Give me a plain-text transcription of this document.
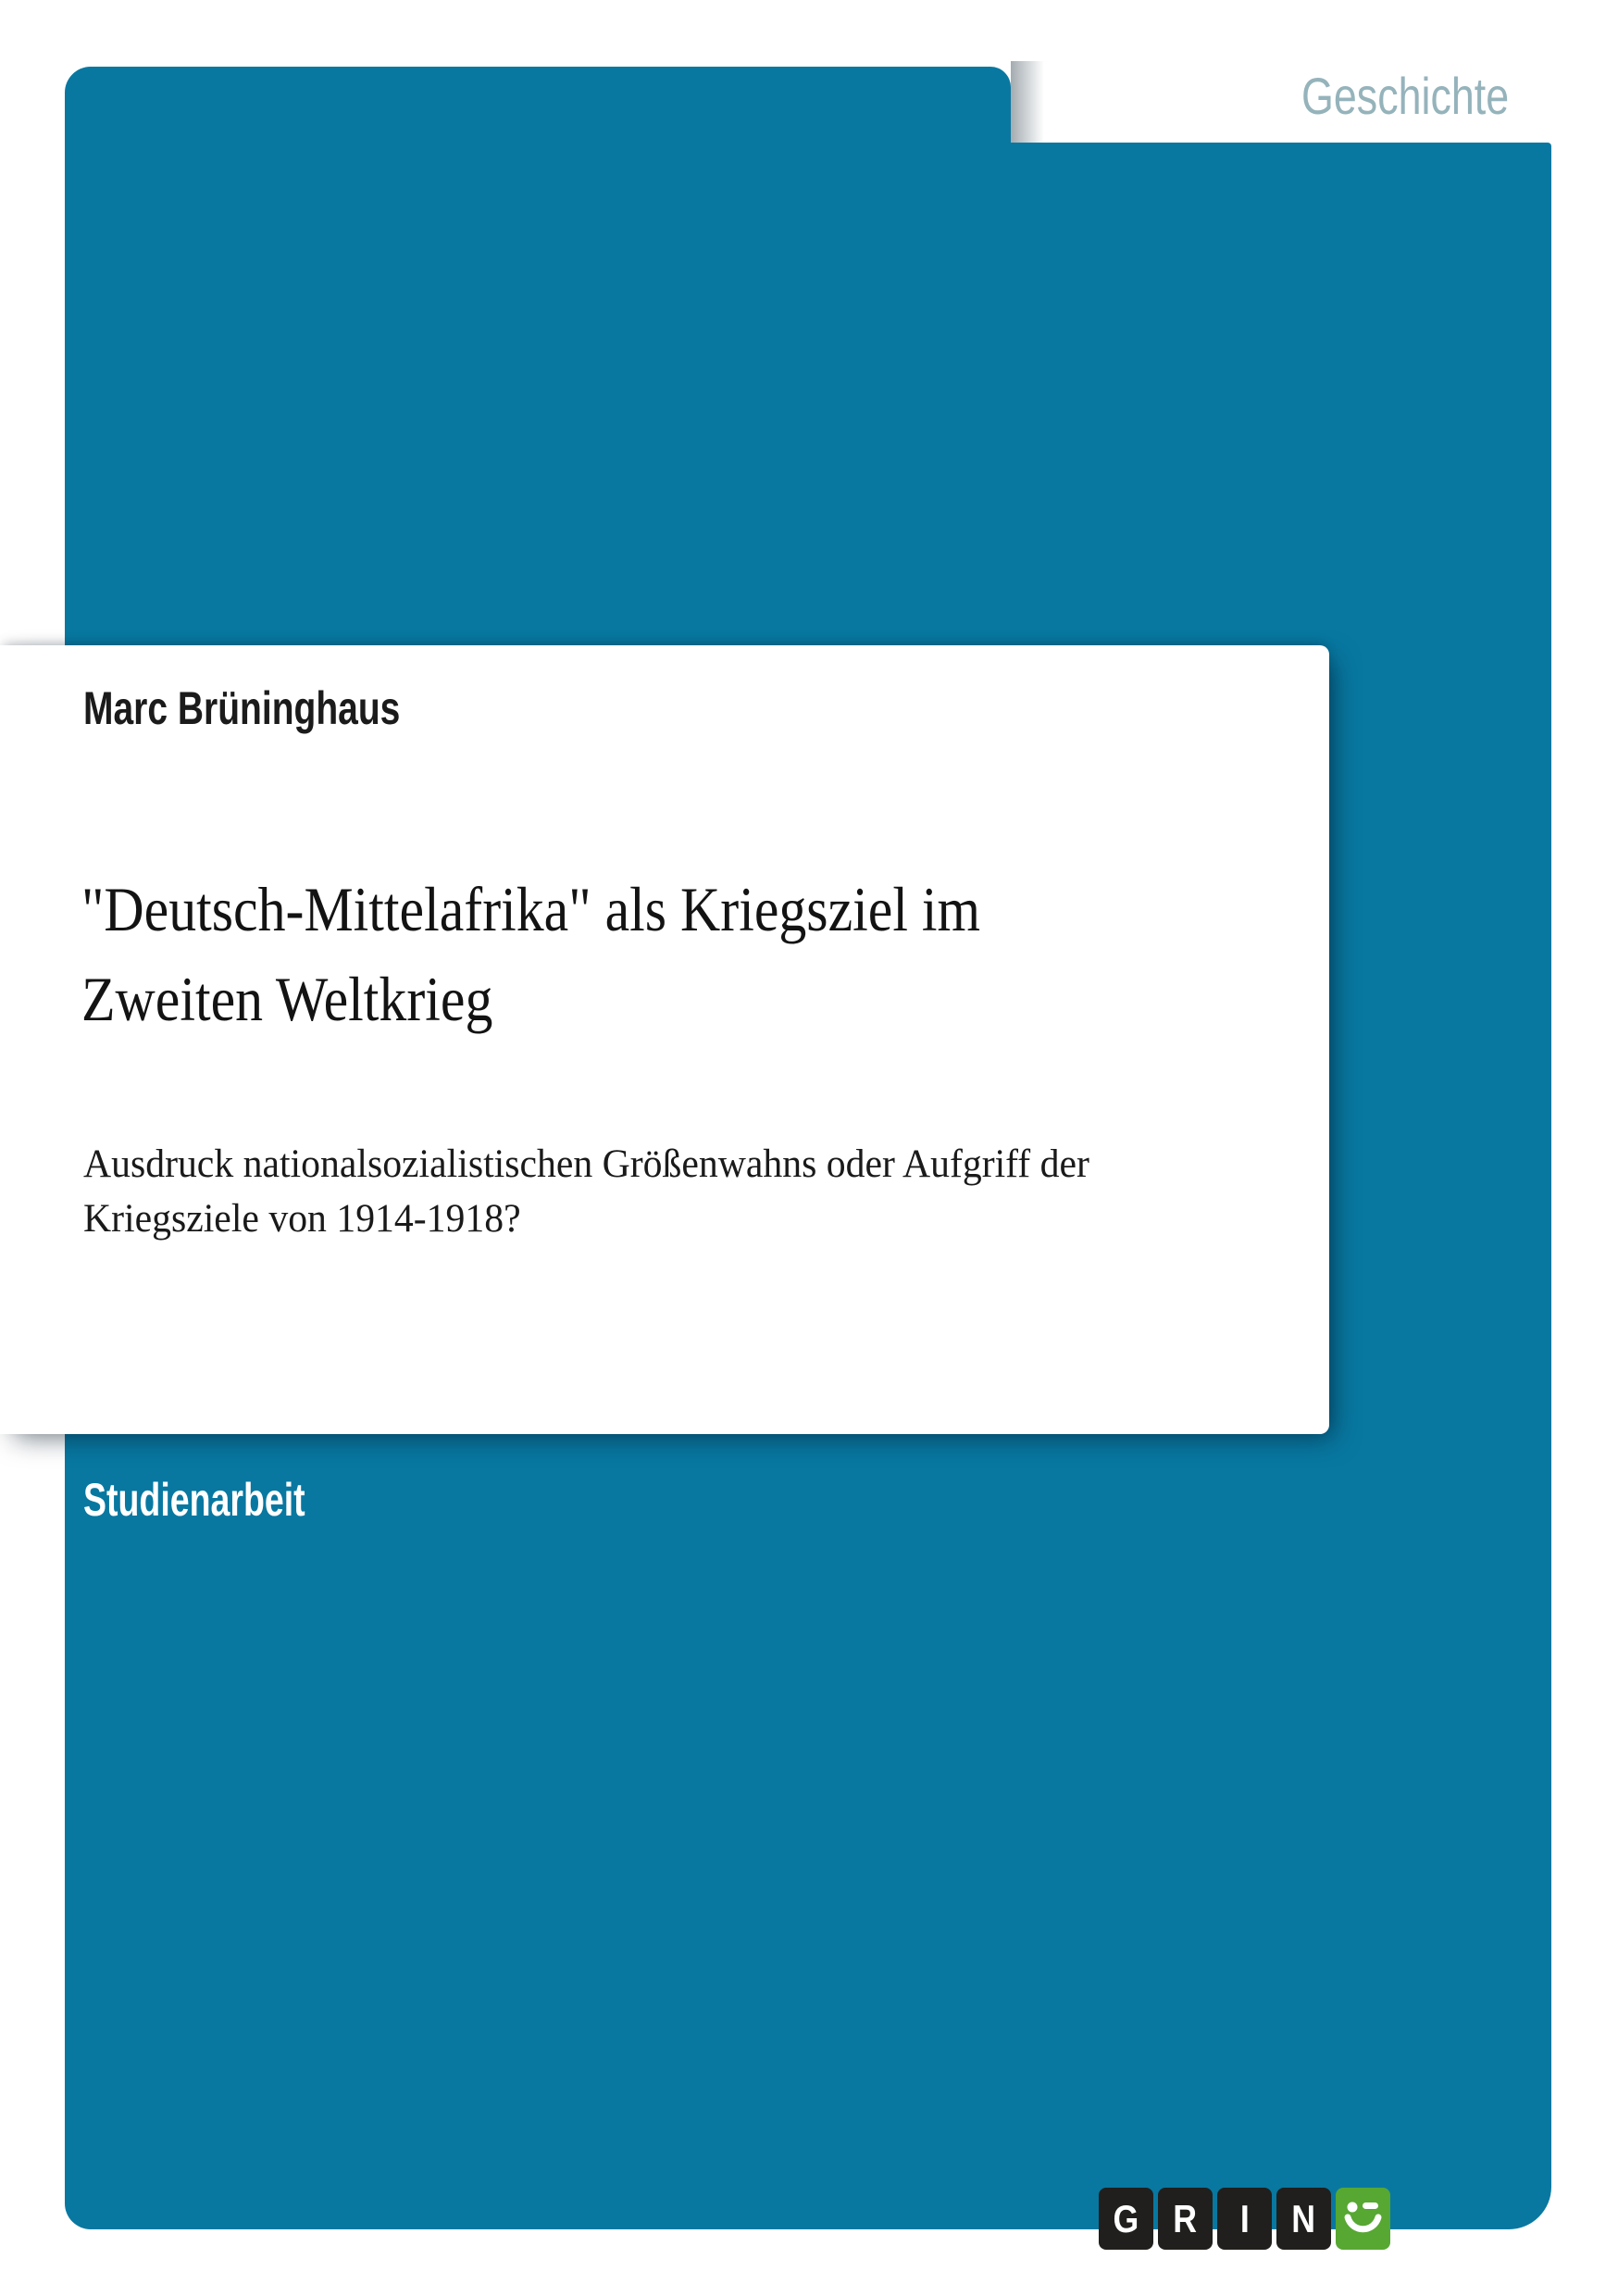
Geschichte
Marc Brüninghaus
"Deutsch-Mittelafrika" als Kriegsziel im
Zweiten Weltkrieg
Ausdruck nationalsozialistischen Größenwahns oder Aufgriff der
Kriegsziele von 1914-1918?
Studienarbeit
G R I N
